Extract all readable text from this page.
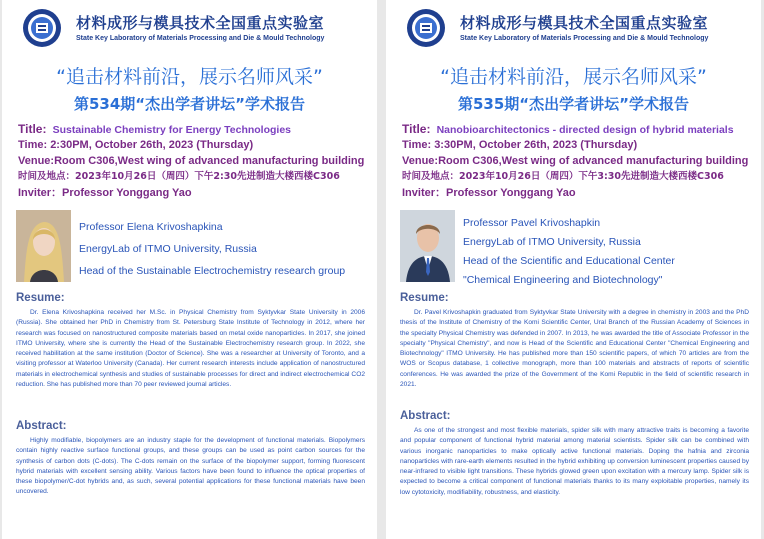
材料成形与模具技术全国重点实验室
State Key Laboratory of Materials Processing and Die & Mould Technology
“追击材料前沿，展示名师风采”
第534期“杰出学者讲坛”学术报告
Title: Sustainable Chemistry for Energy Technologies
Time: 2:30PM, October 26th, 2023 (Thursday)
Venue:Room C306,West wing of advanced manufacturing building
时间及地点：2023年10月26日（周四）下午2:30先进制造大楼西楼C306
Inviter：Professor Yonggang Yao
Professor Elena Krivoshapkina
EnergyLab of ITMO University, Russia
Head of the Sustainable Electrochemistry research group
Resume:
Dr. Elena Krivoshapkina received her M.Sc. in Physical Chemistry from Syktyvkar State University in 2006 (Russia). She obtained her PhD in Chemistry from St. Petersburg State Institute of Technology in 2012, where her research was focused on nanostructured composite materials based on metal oxide nanoparticles. In 2017, she joined ITMO University, where she is currently the Head of the Sustainable Electrochemistry research group. In 2022, she received habilitation at the same institution (Doctor of Science). She was a researcher at University of Toronto, and a visiting professor at Waterloo University (Canada). Her current research interests include application of nanostructured materials in electrochemical synthesis and studies of sustainable processes for direct and indirect electrochemical CO2 reduction. She has published more than 70 peer reviewed journal articles.
Abstract:
Highly modifiable, biopolymers are an industry staple for the development of functional materials. Biopolymers contain highly reactive surface functional groups, and these groups can be used as point carbon sources for the synthesis of carbon dots (C-dots). The C-dots remain on the surface of the biopolymer support, forming fluorescent hybrid materials with excellent sensing ability. Various factors have been found to influence the optical properties of these biopolymer/C-dot hybrids and, as such, several potential applications for these functional materials have been uncovered.
材料成形与模具技术全国重点实验室
State Key Laboratory of Materials Processing and Die & Mould Technology
“追击材料前沿，展示名师风采”
第535期“杰出学者讲坛”学术报告
Title: Nanobioarchitectonics - directed design of hybrid materials
Time: 3:30PM, October 26th, 2023 (Thursday)
Venue:Room C306,West wing of advanced manufacturing building
时间及地点：2023年10月26日（周四）下午3:30先进制造大楼西楼C306
Inviter：Professor Yonggang Yao
Professor Pavel Krivoshapkin
EnergyLab of ITMO University, Russia
Head of the Scientific and Educational Center
"Chemical Engineering and Biotechnology"
Resume:
Dr. Pavel Krivoshapkin graduated from Syktyvkar State University with a degree in chemistry in 2003 and the PhD thesis of the Institute of Chemistry of the Komi Scientific Center, Ural Branch of the Russian Academy of Sciences in the specialty Physical Chemistry was defended in 2007. In 2013, he was awarded the title of Associate Professor in the specialty "Physical Chemistry", and now is Head of the Scientific and Educational Center "Chemical Engineering and Biotechnology" ITMO University. He has published more than 150 scientific papers, of which 70 articles are from the WOS or Scopus database, 1 collective monograph, more than 100 materials and abstracts of reports of scientific conferences. He was awarded the prize of the Government of the Komi Republic in the field of scientific research in 2021.
Abstract:
As one of the strongest and most flexible materials, spider silk with many attractive traits is becoming a favorite and popular component of functional hybrid material among material scientists. Spider silk can be combined with various inorganic nanoparticles to make optically active functional materials. Doping the hafnia and zirconia nanoparticles with rare-earth elements resulted in the hybrid exhibiting up conversion luminescent properties caused by near-infrared to visible light transitions. These hybrids glowed green upon excitation with a mercury lamp. Spider silk is expected to become a critical component of functional materials thanks to its many exploitable properties, namely its low cytotoxicity, modifiability, robustness, and elasticity.
